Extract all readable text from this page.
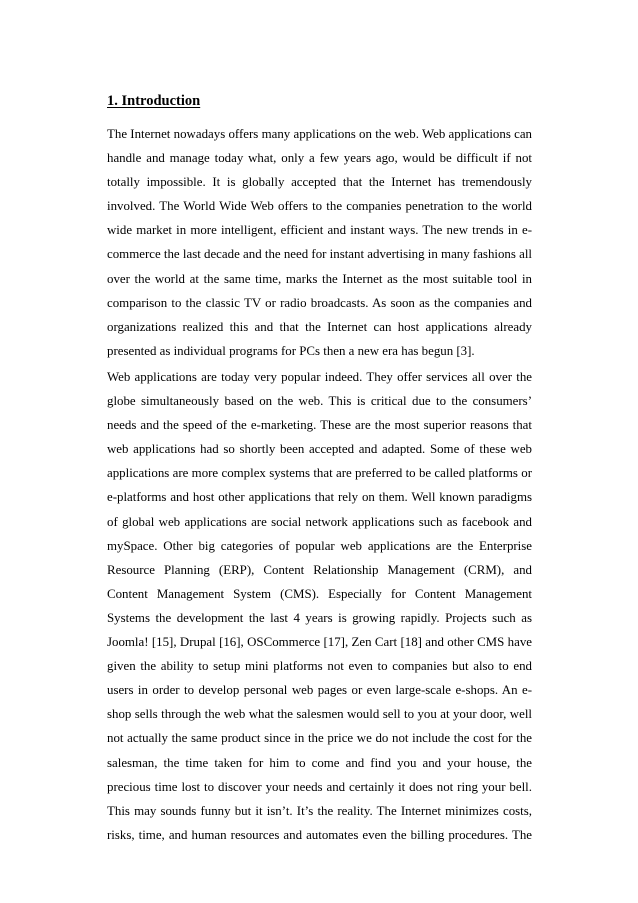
1. Introduction
The Internet nowadays offers many applications on the web. Web applications can
handle and manage today what, only a few years ago, would be difficult if not
totally impossible. It is globally accepted that the Internet has tremendously
involved. The World Wide Web offers to the companies penetration to the world
wide market in more intelligent, efficient and instant ways. The new trends in e-
commerce the last decade and the need for instant advertising in many fashions all
over the world at the same time, marks the Internet as the most suitable tool in
comparison to the classic TV or radio broadcasts. As soon as the companies and
organizations realized this and that the Internet can host applications already
presented as individual programs for PCs then a new era has begun [3].
Web applications are today very popular indeed. They offer services all over the
globe simultaneously based on the web. This is critical due to the consumers’
needs and the speed of the e-marketing. These are the most superior reasons that
web applications had so shortly been accepted and adapted. Some of these web
applications are more complex systems that are preferred to be called platforms or
e-platforms and host other applications that rely on them. Well known paradigms
of global web applications are social network applications such as facebook and
mySpace. Other big categories of popular web applications are the Enterprise
Resource Planning (ERP), Content Relationship Management (CRM), and
Content Management System (CMS). Especially for Content Management
Systems the development the last 4 years is growing rapidly. Projects such as
Joomla! [15], Drupal [16], OSCommerce [17], Zen Cart [18] and other CMS have
given the ability to setup mini platforms not even to companies but also to end
users in order to develop personal web pages or even large-scale e-shops. An e-
shop sells through the web what the salesmen would sell to you at your door, well
not actually the same product since in the price we do not include the cost for the
salesman, the time taken for him to come and find you and your house, the
precious time lost to discover your needs and certainly it does not ring your bell.
This may sounds funny but it isn’t. It’s the reality. The Internet minimizes costs,
risks, time, and human resources and automates even the billing procedures. The
